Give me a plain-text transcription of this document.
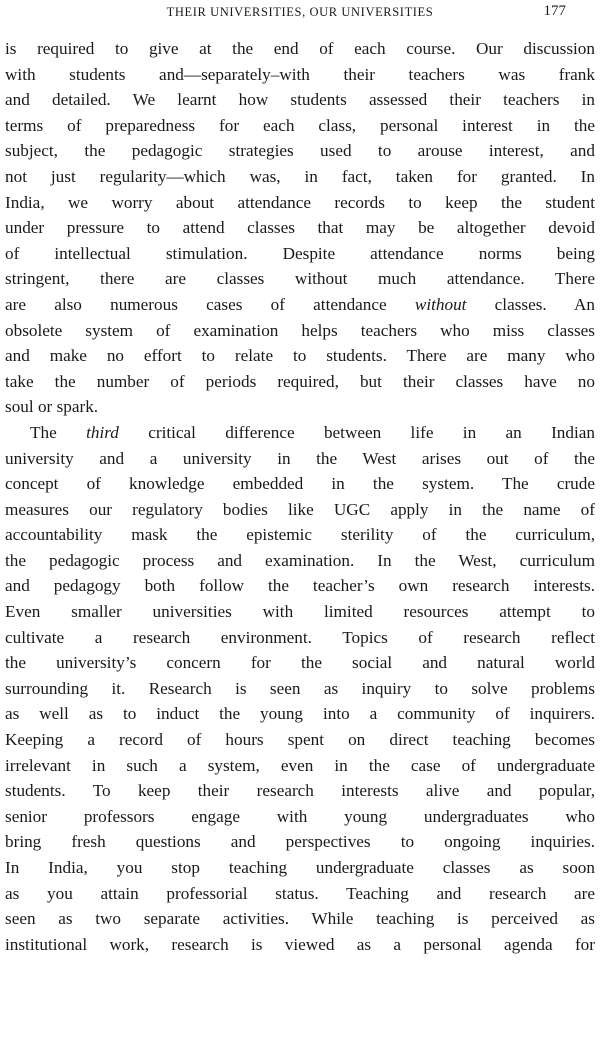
THEIR UNIVERSITIES, OUR UNIVERSITIES	177
is required to give at the end of each course. Our discussion
with students and—separately–with their teachers was frank
and detailed. We learnt how students assessed their teachers in
terms of preparedness for each class, personal interest in the
subject, the pedagogic strategies used to arouse interest, and
not just regularity—which was, in fact, taken for granted. In
India, we worry about attendance records to keep the student
under pressure to attend classes that may be altogether devoid
of intellectual stimulation. Despite attendance norms being
stringent, there are classes without much attendance. There
are also numerous cases of attendance without classes. An
obsolete system of examination helps teachers who miss classes
and make no effort to relate to students. There are many who
take the number of periods required, but their classes have no
soul or spark.
The third critical difference between life in an Indian
university and a university in the West arises out of the
concept of knowledge embedded in the system. The crude
measures our regulatory bodies like UGC apply in the name of
accountability mask the epistemic sterility of the curriculum,
the pedagogic process and examination. In the West, curriculum
and pedagogy both follow the teacher’s own research interests.
Even smaller universities with limited resources attempt to
cultivate a research environment. Topics of research reflect
the university’s concern for the social and natural world
surrounding it. Research is seen as inquiry to solve problems
as well as to induct the young into a community of inquirers.
Keeping a record of hours spent on direct teaching becomes
irrelevant in such a system, even in the case of undergraduate
students. To keep their research interests alive and popular,
senior professors engage with young undergraduates who
bring fresh questions and perspectives to ongoing inquiries.
In India, you stop teaching undergraduate classes as soon
as you attain professorial status. Teaching and research are
seen as two separate activities. While teaching is perceived as
institutional work, research is viewed as a personal agenda for
